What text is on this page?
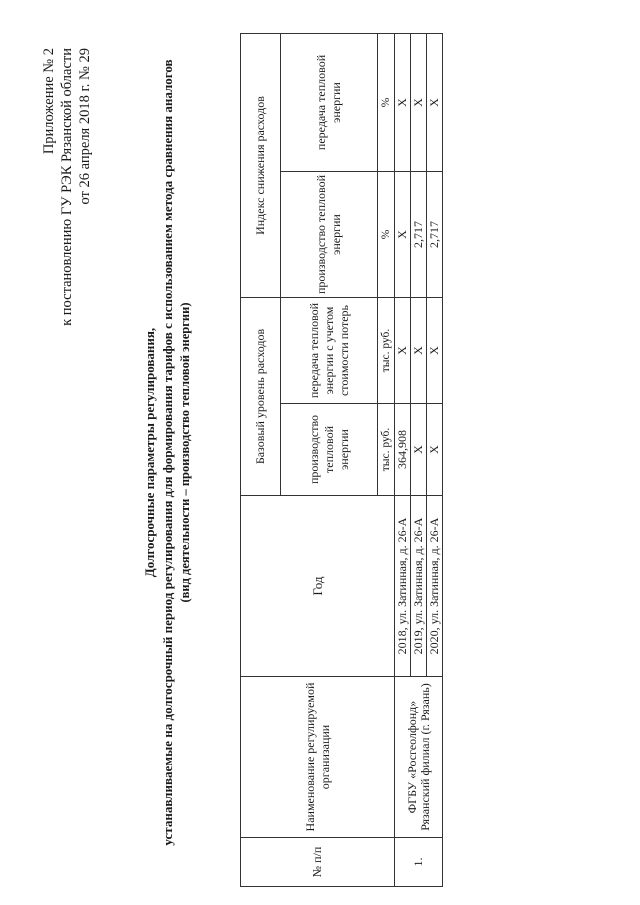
Приложение № 2 к постановлению ГУ РЭК Рязанской области от 26 апреля 2018 г. № 29
Долгосрочные параметры регулирования, устанавливаемые на долгосрочный период регулирования для формирования тарифов с использованием метода сравнения аналогов (вид деятельности – производство тепловой энергии)
№ п/п	Наименование регулируемой организации	Год	Базовый уровень расходов		Индекс снижения расходов	
			производство тепловой энергии	передача тепловой энергии с учетом стоимости потерь	производство тепловой энергии	передача тепловой энергии
			тыс. руб.	тыс. руб.	%	%
1.	ФГБУ «Росгеолфонд» Рязанский филиал (г. Рязань)	2018, ул. Затинная, д. 26-А	364,908	X	X	X
		2019, ул. Затинная, д. 26-А	X	X	2,717	X
		2020, ул. Затинная, д. 26-А	X	X	2,717	X
